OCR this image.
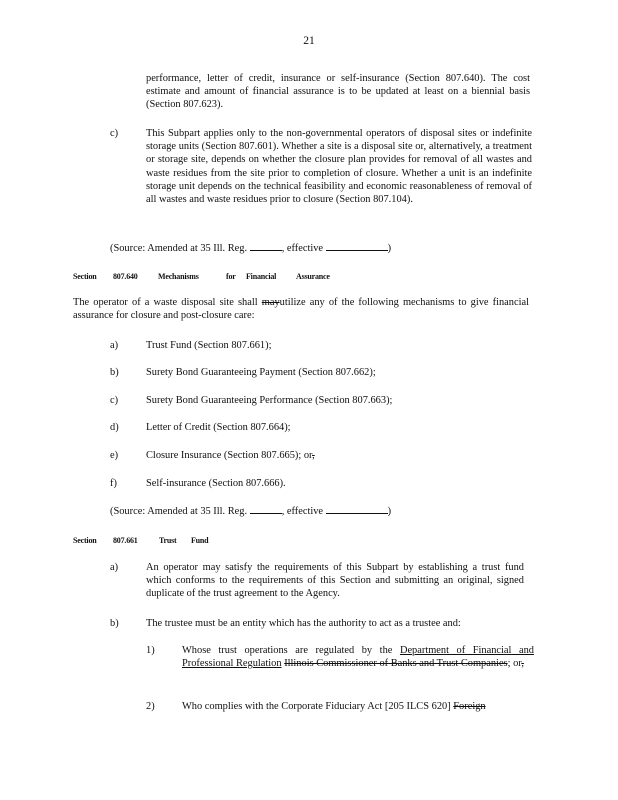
21
performance, letter of credit, insurance or self-insurance (Section 807.640). The cost estimate and amount of financial assurance is to be updated at least on a biennial basis (Section 807.623).
c)	This Subpart applies only to the non-governmental operators of disposal sites or indefinite storage units (Section 807.601). Whether a site is a disposal site or, alternatively, a treatment or storage site, depends on whether the closure plan provides for removal of all wastes and waste residues from the site prior to completion of closure. Whether a unit is an indefinite storage unit depends on the technical feasibility and economic reasonableness of removal of all wastes and waste residues prior to closure (Section 807.104).
(Source: Amended at 35 Ill. Reg.	, effective	)
Section 807.640	Mechanisms	for Financial Assurance
The operator of a waste disposal site shall mayutilize any of the following mechanisms to give financial assurance for closure and post-closure care:
a)	Trust Fund (Section 807.661);
b)	Surety Bond Guaranteeing Payment (Section 807.662);
c)	Surety Bond Guaranteeing Performance (Section 807.663);
d)	Letter of Credit (Section 807.664);
e)	Closure Insurance (Section 807.665); or,
f)	Self-insurance (Section 807.666).
(Source: Amended at 35 Ill. Reg.	, effective	)
Section 807.661	Trust Fund
a)	An operator may satisfy the requirements of this Subpart by establishing a trust fund which conforms to the requirements of this Section and submitting an original, signed duplicate of the trust agreement to the Agency.
b)	The trustee must be an entity which has the authority to act as a trustee and:
1)	Whose trust operations are regulated by the Department of Financial and Professional Regulation Illinois Commissioner of Banks and Trust Companies; or,
2)	Who complies with the Corporate Fiduciary Act [205 ILCS 620] Foreign
